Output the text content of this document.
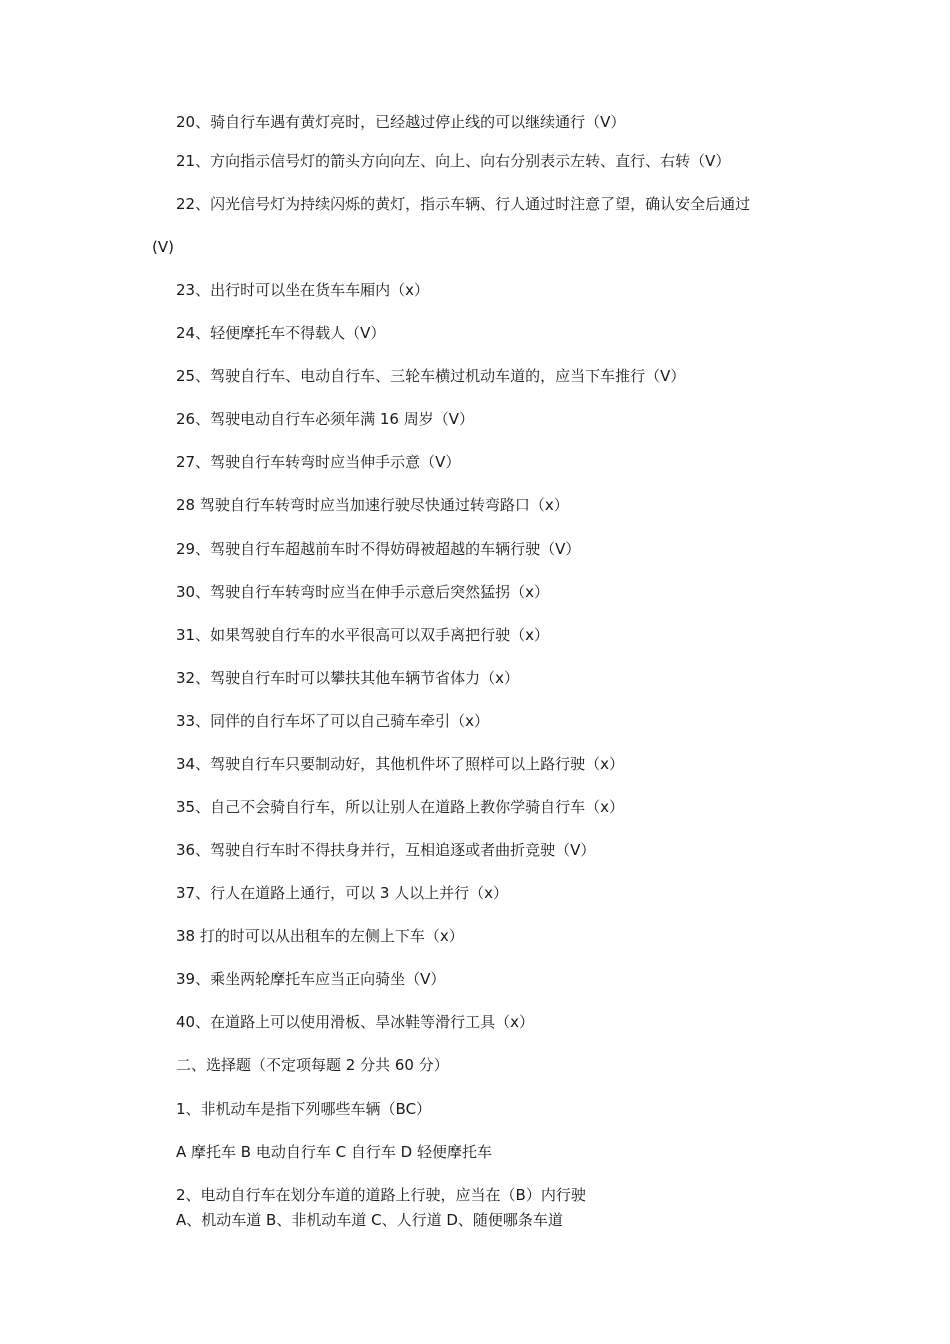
20、骑自行车遇有黄灯亮时，已经越过停止线的可以继续通行（V）
21、方向指示信号灯的箭头方向向左、向上、向右分别表示左转、直行、右转（V）
22、闪光信号灯为持续闪烁的黄灯，指示车辆、行人通过时注意了望，确认安全后通过
(V)
23、出行时可以坐在货车车厢内（x）
24、轻便摩托车不得载人（V）
25、驾驶自行车、电动自行车、三轮车横过机动车道的，应当下车推行（V）
26、驾驶电动自行车必须年满 16 周岁（V）
27、驾驶自行车转弯时应当伸手示意（V）
28 驾驶自行车转弯时应当加速行驶尽快通过转弯路口（x）
29、驾驶自行车超越前车时不得妨碍被超越的车辆行驶（V）
30、驾驶自行车转弯时应当在伸手示意后突然猛拐（x）
31、如果驾驶自行车的水平很高可以双手离把行驶（x）
32、驾驶自行车时可以攀扶其他车辆节省体力（x）
33、同伴的自行车坏了可以自己骑车牵引（x）
34、驾驶自行车只要制动好，其他机件坏了照样可以上路行驶（x）
35、自己不会骑自行车，所以让别人在道路上教你学骑自行车（x）
36、驾驶自行车时不得扶身并行，互相追逐或者曲折竞驶（V）
37、行人在道路上通行，可以 3 人以上并行（x）
38 打的时可以从出租车的左侧上下车（x）
39、乘坐两轮摩托车应当正向骑坐（V）
40、在道路上可以使用滑板、旱冰鞋等滑行工具（x）
二、选择题（不定项每题 2 分共 60 分）
1、非机动车是指下列哪些车辆（BC）
A 摩托车 B 电动自行车 C 自行车 D 轻便摩托车
2、电动自行车在划分车道的道路上行驶，应当在（B）内行驶
A、机动车道 B、非机动车道 C、人行道 D、随便哪条车道
